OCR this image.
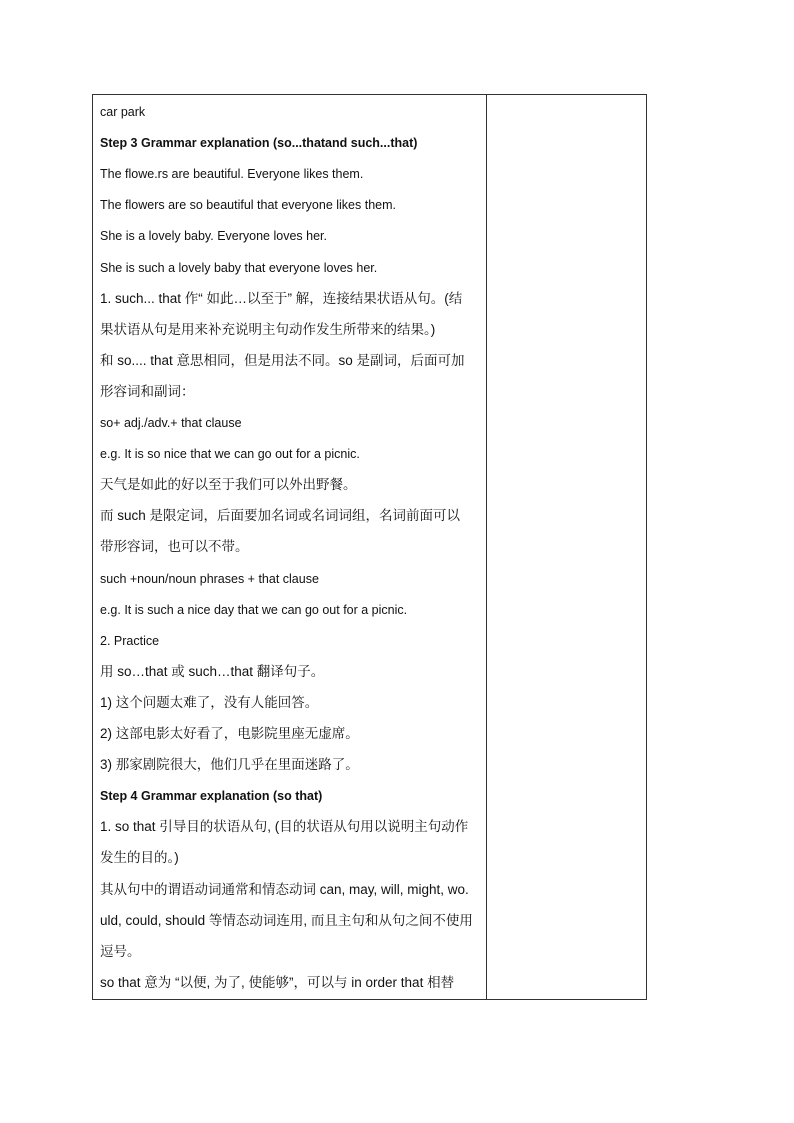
car park
Step 3 Grammar explanation (so...thatand such...that)
The flowe.rs are beautiful. Everyone likes them.
The flowers are so beautiful that everyone likes them.
She is a lovely baby. Everyone loves her.
She is such a lovely baby that everyone loves her.
1. such... that 作“ 如此…以至于” 解，连接结果状语从句。(结
果状语从句是用来补充说明主句动作发生所带来的结果。)
和 so.... that 意思相同，但是用法不同。so 是副词，后面可加
形容词和副词：
so+ adj./adv.+ that clause
e.g. It is so nice that we can go out for a picnic.
天气是如此的好以至于我们可以外出野餐。
而 such 是限定词，后面要加名词或名词词组，名词前面可以
带形容词，也可以不带。
such +noun/noun phrases + that clause
e.g. It is such a nice day that we can go out for a picnic.
2. Practice
用 so…that 或 such…that 翻译句子。
1) 这个问题太难了，没有人能回答。
2) 这部电影太好看了，电影院里座无虚席。
3) 那家剧院很大，他们几乎在里面迷路了。
Step 4 Grammar explanation (so that)
1. so that 引导目的状语从句, (目的状语从句用以说明主句动作
发生的目的。)
其从句中的谓语动词通常和情态动词 can, may, will, might, wo.
uld, could, should 等情态动词连用, 而且主句和从句之间不使用
逗号。
so that 意为 “以便, 为了, 使能够”，可以与 in order that 相替
